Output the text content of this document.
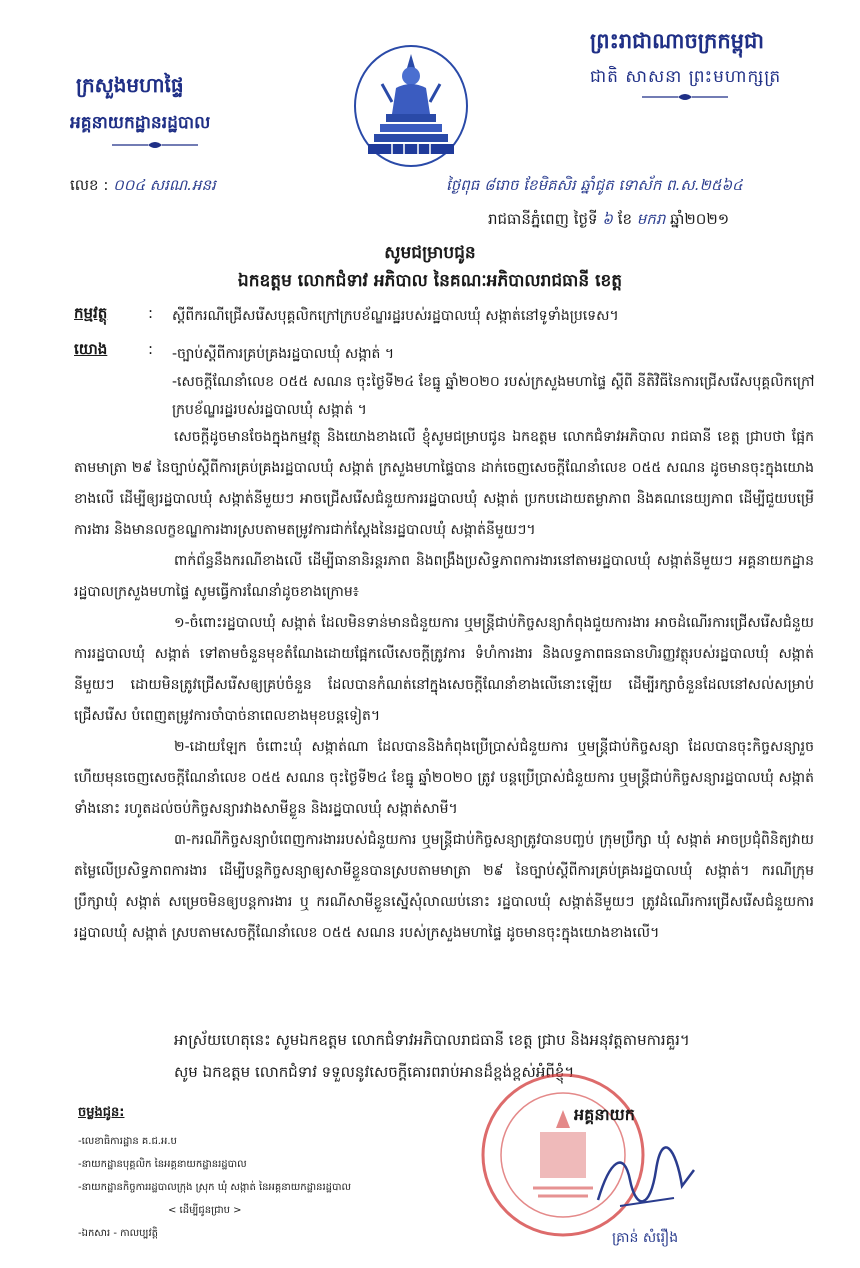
ព្រះរាជាណាចក្រកម្ពុជា
ជាតិ សាសនា ព្រះមហាក្សត្រ
ក្រសួងមហាផ្ទៃ
អគ្គនាយកដ្ឋានរដ្ឋបាល
លេខ : ០០៤ សរណ.អនរ	ថ្ងៃពុធ ៨រោច ខែមិគសិរ ឆ្នាំជូត ទោស័ក ព.ស.២៥៦៤
រាជធានីភ្នំពេញ ថ្ងៃទី ៦ ខែ មករា ឆ្នាំ២០២១
សូមជម្រាបជូន
ឯកឧត្តម លោកជំទាវ អភិបាល នៃគណៈអភិបាលរាជធានី ខេត្ត
កម្មវត្ថុ	: ស្តីពីករណីជ្រើសរើសបុគ្គលិកក្រៅក្របខ័ណ្ឌរដ្ឋរបស់រដ្ឋបាលឃុំ សង្កាត់នៅទូទាំងប្រទេស។
យោង	: -ច្បាប់ស្តីពីការគ្រប់គ្រងរដ្ឋបាលឃុំ សង្កាត់ ។
-សេចក្តីណែនាំលេខ ០៥៥ សណន ចុះថ្ងៃទី២៤ ខែធ្នូ ឆ្នាំ២០២០ របស់ក្រសួងមហាផ្ទៃ ស្តីពី នីតិវិធីនៃការជ្រើសរើសបុគ្គលិកក្រៅក្របខ័ណ្ឌរដ្ឋរបស់រដ្ឋបាលឃុំ សង្កាត់ ។

សេចក្តីដូចមានចែងក្នុងកម្មវត្ថុ និងយោងខាងលើ ខ្ញុំសូមជម្រាបជូន ឯកឧត្តម លោកជំទាវអភិបាល រាជធានី ខេត្ត ជ្រាបថា ផ្អែកតាមមាត្រា ២៩ នៃច្បាប់ស្តីពីការគ្រប់គ្រងរដ្ឋបាលឃុំ សង្កាត់ ក្រសួងមហាផ្ទៃបាន ដាក់ចេញសេចក្តីណែនាំលេខ ០៥៥ សណន ដូចមានចុះក្នុងយោងខាងលើ ដើម្បីឲ្យរដ្ឋបាលឃុំ សង្កាត់នីមួយៗ អាចជ្រើសរើសជំនួយការរដ្ឋបាលឃុំ សង្កាត់ ប្រកបដោយតម្លាភាព និងគណនេយ្យភាព ដើម្បីជួយបម្រើការងារ និងមានលក្ខខណ្ឌការងារស្របតាមតម្រូវការជាក់ស្តែងនៃរដ្ឋបាលឃុំ សង្កាត់នីមួយៗ។

ពាក់ព័ន្ធនឹងករណីខាងលើ ដើម្បីធានានិរន្តរភាព និងពង្រឹងប្រសិទ្ធភាពការងារនៅតាមរដ្ឋបាលឃុំ សង្កាត់នីមួយៗ អគ្គនាយកដ្ឋានរដ្ឋបាលក្រសួងមហាផ្ទៃ សូមធ្វើការណែនាំដូចខាងក្រោម៖

១-ចំពោះរដ្ឋបាលឃុំ សង្កាត់ ដែលមិនទាន់មានជំនួយការ ឬមន្ត្រីជាប់កិច្ចសន្យាកំពុងជួយការងារ អាចដំណើរការជ្រើសរើសជំនួយការរដ្ឋបាលឃុំ សង្កាត់ ទៅតាមចំនួនមុខតំណែងដោយផ្អែកលើសេចក្តីត្រូវការ ទំហំការងារ និងលទ្ធភាពធនធានហិរញ្ញវត្ថុរបស់រដ្ឋបាលឃុំ សង្កាត់នីមួយៗ ដោយមិនត្រូវជ្រើសរើសឲ្យគ្រប់ចំនួន ដែលបានកំណត់នៅក្នុងសេចក្តីណែនាំខាងលើនោះឡើយ ដើម្បីរក្សាចំនួនដែលនៅសល់សម្រាប់ជ្រើសរើស បំពេញតម្រូវការចាំបាច់នាពេលខាងមុខបន្តទៀត។

២-ដោយឡែក ចំពោះឃុំ សង្កាត់ណា ដែលបាននិងកំពុងប្រើប្រាស់ជំនួយការ ឬមន្ត្រីជាប់កិច្ចសន្យា ដែលបានចុះកិច្ចសន្យារួចហើយមុនចេញសេចក្តីណែនាំលេខ ០៥៥ សណន ចុះថ្ងៃទី២៤ ខែធ្នូ ឆ្នាំ២០២០ ត្រូវ បន្តប្រើប្រាស់ជំនួយការ ឬមន្ត្រីជាប់កិច្ចសន្យារដ្ឋបាលឃុំ សង្កាត់ទាំងនោះ រហូតដល់ចប់កិច្ចសន្យារវាងសាមីខ្លួន និងរដ្ឋបាលឃុំ សង្កាត់សាមី។

៣-ករណីកិច្ចសន្យាបំពេញការងាររបស់ជំនួយការ ឬមន្ត្រីជាប់កិច្ចសន្យាត្រូវបានបញ្ចប់ ក្រុមប្រឹក្សា ឃុំ សង្កាត់ អាចប្រជុំពិនិត្យវាយតម្លៃលើប្រសិទ្ធភាពការងារ ដើម្បីបន្តកិច្ចសន្យាឲ្យសាមីខ្លួនបានស្របតាមមាត្រា ២៩ នៃច្បាប់ស្តីពីការគ្រប់គ្រងរដ្ឋបាលឃុំ សង្កាត់។ ករណីក្រុមប្រឹក្សាឃុំ សង្កាត់ សម្រេចមិនឲ្យបន្តការងារ ឬ ករណីសាមីខ្លួនស្នើសុំលាឈប់នោះ រដ្ឋបាលឃុំ សង្កាត់នីមួយៗ ត្រូវដំណើរការជ្រើសរើសជំនួយការរដ្ឋបាលឃុំ សង្កាត់ ស្របតាមសេចក្តីណែនាំលេខ ០៥៥ សណន របស់ក្រសួងមហាផ្ទៃ ដូចមានចុះក្នុងយោងខាងលើ។

អាស្រ័យហេតុនេះ សូមឯកឧត្តម លោកជំទាវអភិបាលរាជធានី ខេត្ត ជ្រាប និងអនុវត្តតាមការគួរ។
សូម ឯកឧត្តម លោកជំទាវ ទទួលនូវសេចក្តីគោរពរាប់អានដ៏ខ្ពង់ខ្ពស់អំពីខ្ញុំ។
អគ្គនាយក
គ្រាន់ សំរឿង
ចម្លងជូន:
-លេខាធិការដ្ឋាន គ.ជ.អ.ប
-នាយកដ្ឋានបុគ្គលិក នៃអគ្គនាយកដ្ឋានរដ្ឋបាល
-នាយកដ្ឋានកិច្ចការរដ្ឋបាលក្រុង ស្រុក ឃុំ សង្កាត់ នៃអគ្គនាយកដ្ឋានរដ្ឋបាល
< ដើម្បីជូនជ្រាប >
-ឯកសារ - កាលប្បវត្តិ
